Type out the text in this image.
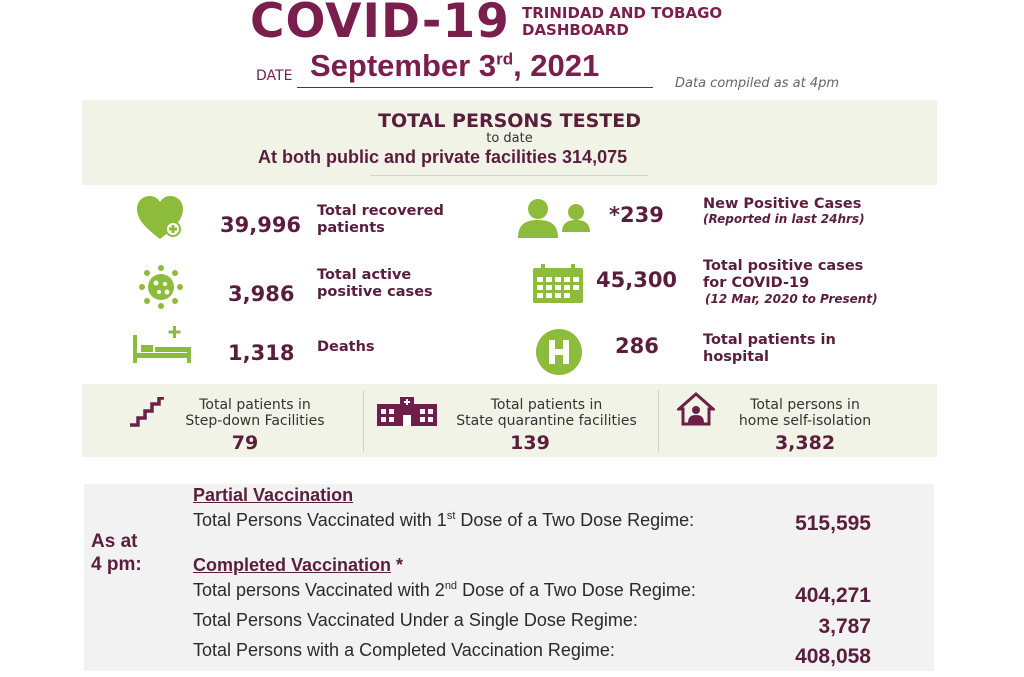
COVID-19 TRINIDAD AND TOBAGO
DASHBOARD
DATE September 3rd, 2021
Data compiled as at 4pm
TOTAL PERSONS TESTED
to date
At both public and private facilities 314,075
39,996
Total recovered
patients
3,986
Total active
positive cases
1,318 Deaths
*239	New Positive Cases
(Reported in last 24hrs)
45,300
Total positive cases
for COVID-19
(12 Mar, 2020 to Present)
286	Total patients in
hospital
Total patients in
Step-down Facilities
79
Total patients in
State quarantine facilities
139
Total persons in
home self-isolation
3,382
As at
4 pm:
Partial Vaccination
Total Persons Vaccinated with 1st Dose of a Two Dose Regime:	515,595
Completed Vaccination *
Total persons Vaccinated with 2nd Dose of a Two Dose Regime:	404,271
Total Persons Vaccinated Under a Single Dose Regime:	3,787
Total Persons with a Completed Vaccination Regime:	408,058
